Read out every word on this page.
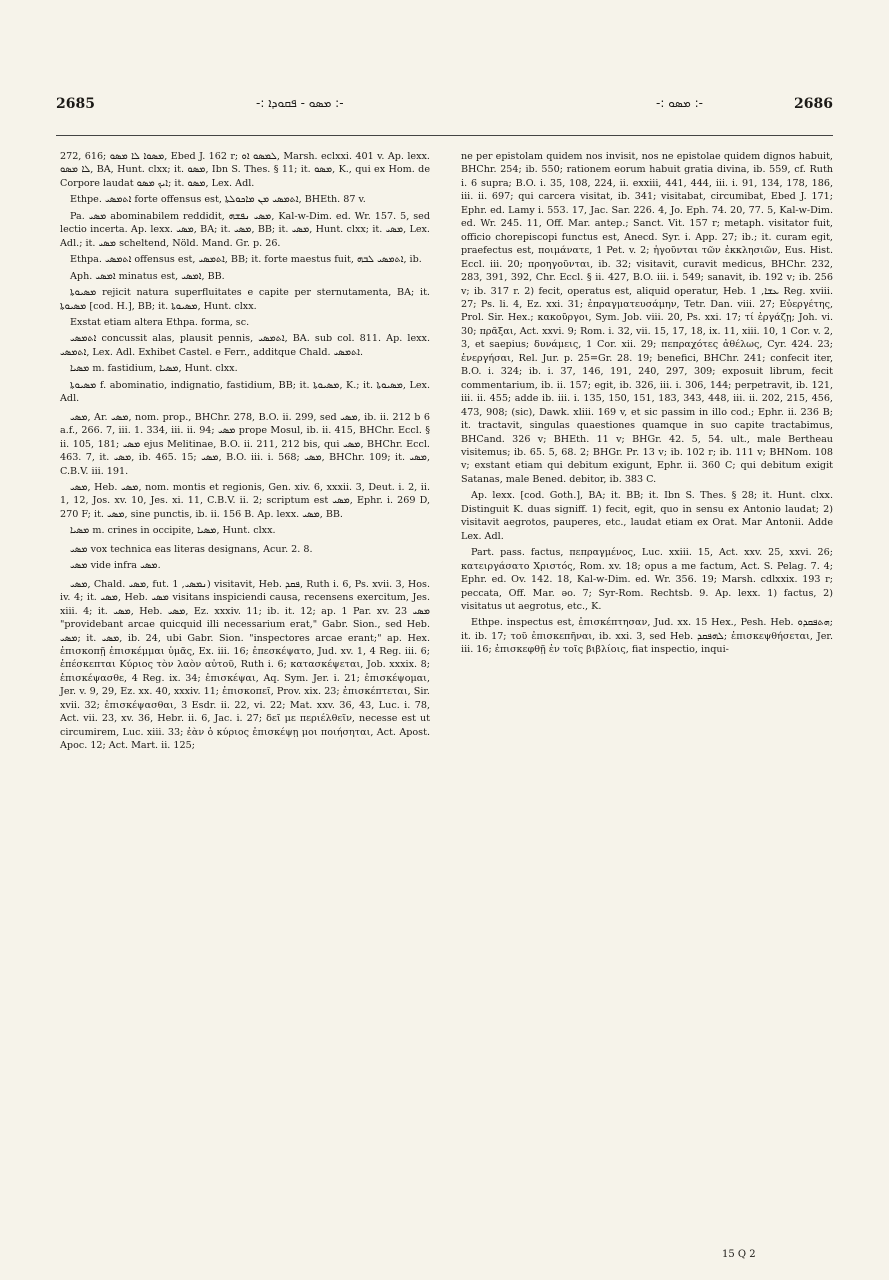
2685	-: ܡܣܘ - ܦܩܘܕܐ :-	-: ܡܣܘ :-	2686

272, 616; ܡܣܘܐ ܠܐ ܡܣܘ, Ebed J. 162 r; ܠܡܣܘ ܐܘ, Marsh. eclxxi. 401 v. Ap. lexx. ܠܐ ܡܣܘ, BA, Hunt. clxx; it. ܡܣܘ, Ibn S. Thes. § 11; it. ܡܣܘ, K., qui ex Hom. de Corpore laudat ܐܝܟ ܡܣܘ; it. ܡܣܘ, Lex. Adl.

Ethpe. ܐܬܡܣܝ forte offensus est, ܐܬܡܣܝ ܡܢ ܡܐܟܘܠܬܐ, BHEth. 87 v.

Pa. ܡܣܝ abominabilem reddidit, ܡܣܝ ܢܦܫܗ, Kal-w-Dim. ed. Wr. 157. 5, sed lectio incerta. Ap. lexx. ܡܣܝ, BA; it. ܡܣܝ, BB; it. ܡܣܝ, Hunt. clxx; it. ܡܣܝ, Lex. Adl.; it. ܡܣܝ scheltend, Nöld. Mand. Gr. p. 26.

Ethpa. ܐܬܡܣܝ offensus est, ܐܬܡܣܝ, BB; it. forte maestus fuit, ܐܬܡܣܝ ܠܒܗ, ib.

Aph. ܐܡܣܝ minatus est, ܐܡܣܝ, BB.

ܡܣܝܘܬܐ rejicit natura superfluitates e capite per sternutamenta, BA; it. ܡܣܝܘܬܐ [cod. H.], BB; it. ܡܣܝܘܬܐ, Hunt. clxx.

Exstat etiam altera Ethpa. forma, sc.

ܐܬܡܣܝ concussit alas, plausit pennis, ܐܬܡܣܝ, BA. sub col. 811. Ap. lexx. ܐܬܡܣܝ, Lex. Adl. Exhibet Castel. e Ferr., additque Chald. ܐܬܡܣܝ.

ܡܣܝܐ m. fastidium, ܡܣܝܐ, Hunt. clxx.

ܡܣܝܘܬܐ f. abominatio, indignatio, fastidium, BB; it. ܡܣܝܘܬܐ, K.; it. ܡܣܝܘܬܐ, Lex. Adl.

ܡܣܝ, Ar. ܡܣܝ, nom. prop., BHChr. 278, B.O. ii. 299, sed ܡܣܝ, ib. ii. 212 b 6 a.f., 266. 7, iii. 1. 334, iii. ii. 94; ܡܣܝ prope Mosul, ib. ii. 415, BHChr. Eccl. § ii. 105, 181; ܡܣܝ ejus Melitinae, B.O. ii. 211, 212 bis, qui ܡܣܝ, BHChr. Eccl. 463. 7, it. ܡܣܝ, ib. 465. 15; ܡܣܝ, B.O. iii. i. 568; ܡܣܝ, BHChr. 109; it. ܡܣܝ, C.B.V. iii. 191.

ܡܣܝ, Heb. ܡܣܝ, nom. montis et regionis, Gen. xiv. 6, xxxii. 3, Deut. i. 2, ii. 1, 12, Jos. xv. 10, Jes. xi. 11, C.B.V. ii. 2; scriptum est ܡܣܝ, Ephr. i. 269 D, 270 F; it. ܡܣܝ, sine punctis, ib. ii. 156 B. Ap. lexx. ܡܣܝ, BB.

ܡܣܝܐ m. crines in occipite, ܡܣܝܐ, Hunt. clxx.

ܡܣܝ vox technica eas literas designans, Acur. 2. 8.

ܡܣܝ vide infra ܡܣܝ.

ܡܣܝ, Chald. ܡܣܝ, fut. ܢܡܣܝ, 1) visitavit, Heb. ܦܩܕ, Ruth i. 6, Ps. xvii. 3, Hos. iv. 4; it. ܡܣܝ, Heb. ܡܣܝ visitans inspiciendi causa, recensens exercitum, Jes. xiii. 4; it. ܡܣܝ, Heb. ܡܣܝ, Ez. xxxiv. 11; ib. it. 12; ap. 1 Par. xv. 23 ܡܣܝ "providebant arcae quicquid illi necessarium erat," Gabr. Sion., sed Heb. ܡܣܝ; it. ܡܣܝ, ib. 24, ubi Gabr. Sion. "inspectores arcae erant;" ap. Hex. ἐπισκοπῇ ἐπισκέμμαι ὑμᾶς, Ex. iii. 16; ἐπεσκέψατο, Jud. xv. 1, 4 Reg. iii. 6; ἐπέσκεπται Κύριος τὸν λαὸν αὐτοῦ, Ruth i. 6; κατασκέψεται, Job. xxxix. 8; ἐπισκέψασθε, 4 Reg. ix. 34; ἐπισκέψαι, Aq. Sym. Jer. i. 21; ἐπισκέψομαι, Jer. v. 9, 29, Ez. xx. 40, xxxiv. 11; ἐπισκοπεῖ, Prov. xix. 23; ἐπισκέπτεται, Sir. xvii. 32; ἐπισκέψασθαι, 3 Esdr. ii. 22, vi. 22; Mat. xxv. 36, 43, Luc. i. 78, Act. vii. 23, xv. 36, Hebr. ii. 6, Jac. i. 27; δεῖ με περιέλθεῖν, necesse est ut circumirem, Luc. xiii. 33; ἐὰν ὁ κύριος ἐπισκέψῃ μοι ποιήσηται, Act. Apost. Apoc. 12; Act. Mart. ii. 125;

ne per epistolam quidem nos invisit, nos ne epistolae quidem dignos habuit, BHChr. 254; ib. 550; rationem eorum habuit gratia divina, ib. 559, cf. Ruth i. 6 supra; B.O. i. 35, 108, 224, ii. exxiii, 441, 444, iii. i. 91, 134, 178, 186, iii. ii. 697; qui carcera visitat, ib. 341; visitabat, circumibat, Ebed J. 171; Ephr. ed. Lamy i. 553. 17, Jac. Sar. 226. 4, Jo. Eph. 74. 20, 77. 5, Kal-w-Dim. ed. Wr. 245. 11, Off. Mar. antep.; Sanct. Vit. 157 r; metaph. visitator fuit, officio chorepiscopi functus est, Anecd. Syr. i. App. 27; ib.; it. curam egit, praefectus est, ποιμάνατε, 1 Pet. v. 2; ἡγοῦνται τῶν ἐκκλησιῶν, Eus. Hist. Eccl. iii. 20; προηγοῦνται, ib. 32; visitavit, curavit medicus, BHChr. 232, 283, 391, 392, Chr. Eccl. § ii. 427, B.O. iii. i. 549; sanavit, ib. 192 v; ib. 256 v; ib. 317 r. 2) fecit, operatus est, aliquid operatur, Heb. ܥܫܐ, 1 Reg. xviii. 27; Ps. li. 4, Ez. xxi. 31; ἐπραγματευσάμην, Tetr. Dan. viii. 27; Εὐεργέτης, Prol. Sir. Hex.; κακοῦργοι, Sym. Job. viii. 20, Ps. xxi. 17; τί ἐργάζῃ; Joh. vi. 30; πρᾶξαι, Act. xxvi. 9; Rom. i. 32, vii. 15, 17, 18, ix. 11, xiii. 10, 1 Cor. v. 2, 3, et saepius; δυνάμεις, 1 Cor. xii. 29; πεπραχότες ἀθέλως, Cyr. 424. 23; ἐνεργήσαι, Rel. Jur. p. 25=Gr. 28. 19; benefici, BHChr. 241; confecit iter, B.O. i. 324; ib. i. 37, 146, 191, 240, 297, 309; exposuit librum, fecit commentarium, ib. ii. 157; egit, ib. 326, iii. i. 306, 144; perpetravit, ib. 121, iii. ii. 455; adde ib. iii. i. 135, 150, 151, 183, 343, 448, iii. ii. 202, 215, 456, 473, 908; (sic), Dawk. xliii. 169 v, et sic passim in illo cod.; Ephr. ii. 236 B; it. tractavit, singulas quaestiones quamque in suo capite tractabimus, BHCand. 326 v; BHEth. 11 v; BHGr. 42. 5, 54. ult., male Bertheau visitemus; ib. 65. 5, 68. 2; BHGr. Pr. 13 v; ib. 102 r; ib. 111 v; BHNom. 108 v; exstant etiam qui debitum exigunt, Ephr. ii. 360 C; qui debitum exigit Satanas, male Bened. debitor, ib. 383 C.

Ap. lexx. [cod. Goth.], BA; it. BB; it. Ibn S. Thes. § 28; it. Hunt. clxx. Distinguit K. duas signiff. 1) fecit, egit, quo in sensu ex Antonio laudat; 2) visitavit aegrotos, pauperes, etc., laudat etiam ex Orat. Mar Antonii. Adde Lex. Adl.

Part. pass. factus, πεπραγμένος, Luc. xxiii. 15, Act. xxv. 25, xxvi. 26; κατειργάσατο Χριστός, Rom. xv. 18; opus a me factum, Act. S. Pelag. 7. 4; Ephr. ed. Ov. 142. 18, Kal-w-Dim. ed. Wr. 356. 19; Marsh. cdlxxix. 193 r; peccata, Off. Mar. ǝo. 7; Syr-Rom. Rechtsb. 9. Ap. lexx. 1) factus, 2) visitatus ut aegrotus, etc., K.

Ethpe. inspectus est, ἐπισκέπτησαν, Jud. xx. 15 Hex., Pesh. Heb. ܗܬܦܩܕܘ; it. ib. 17; τοῦ ἐπισκεπῆναι, ib. xxi. 3, sed Heb. ܠܗܦܩܕ; ἐπισκεψθήσεται, Jer. iii. 16; ἐπισκεφθῇ ἐν τοῖς βιβλίοις, fiat inspectio, inqui-

15 Q 2
